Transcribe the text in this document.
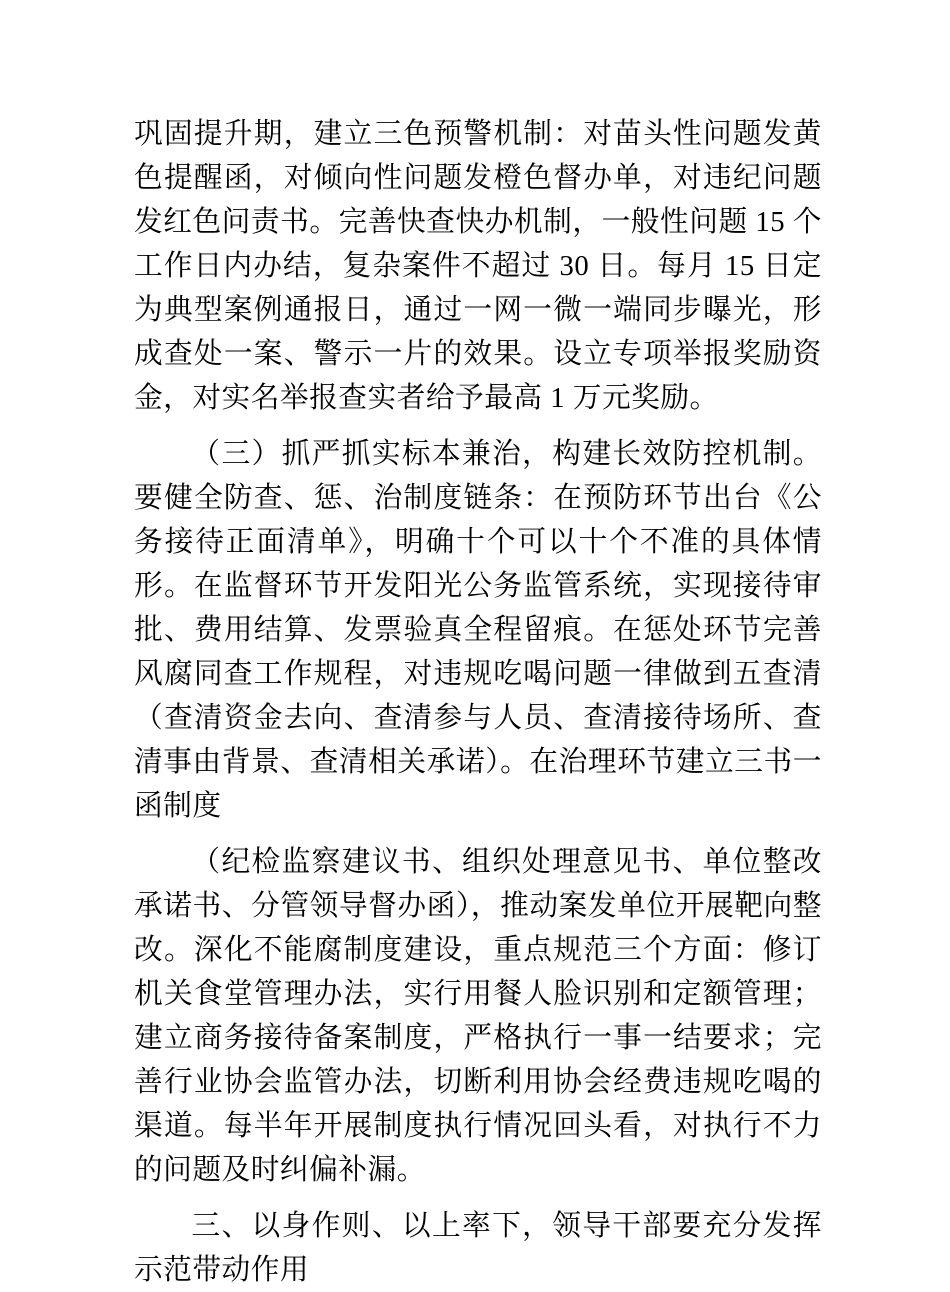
巩固提升期，建立三色预警机制：对苗头性问题发黄色提醒函，对倾向性问题发橙色督办单，对违纪问题发红色问责书。完善快查快办机制，一般性问题 15 个工作日内办结，复杂案件不超过 30 日。每月 15 日定为典型案例通报日，通过一网一微一端同步曝光，形成查处一案、警示一片的效果。设立专项举报奖励资金，对实名举报查实者给予最高 1 万元奖励。

（三）抓严抓实标本兼治，构建长效防控机制。要健全防查、惩、治制度链条：在预防环节出台《公务接待正面清单》，明确十个可以十个不准的具体情形。在监督环节开发阳光公务监管系统，实现接待审批、费用结算、发票验真全程留痕。在惩处环节完善风腐同查工作规程，对违规吃喝问题一律做到五查清（查清资金去向、查清参与人员、查清接待场所、查清事由背景、查清相关承诺）。在治理环节建立三书一函制度

（纪检监察建议书、组织处理意见书、单位整改承诺书、分管领导督办函），推动案发单位开展靶向整改。深化不能腐制度建设，重点规范三个方面：修订机关食堂管理办法，实行用餐人脸识别和定额管理；建立商务接待备案制度，严格执行一事一结要求；完善行业协会监管办法，切断利用协会经费违规吃喝的渠道。每半年开展制度执行情况回头看，对执行不力的问题及时纠偏补漏。

三、以身作则、以上率下，领导干部要充分发挥示范带动作用
